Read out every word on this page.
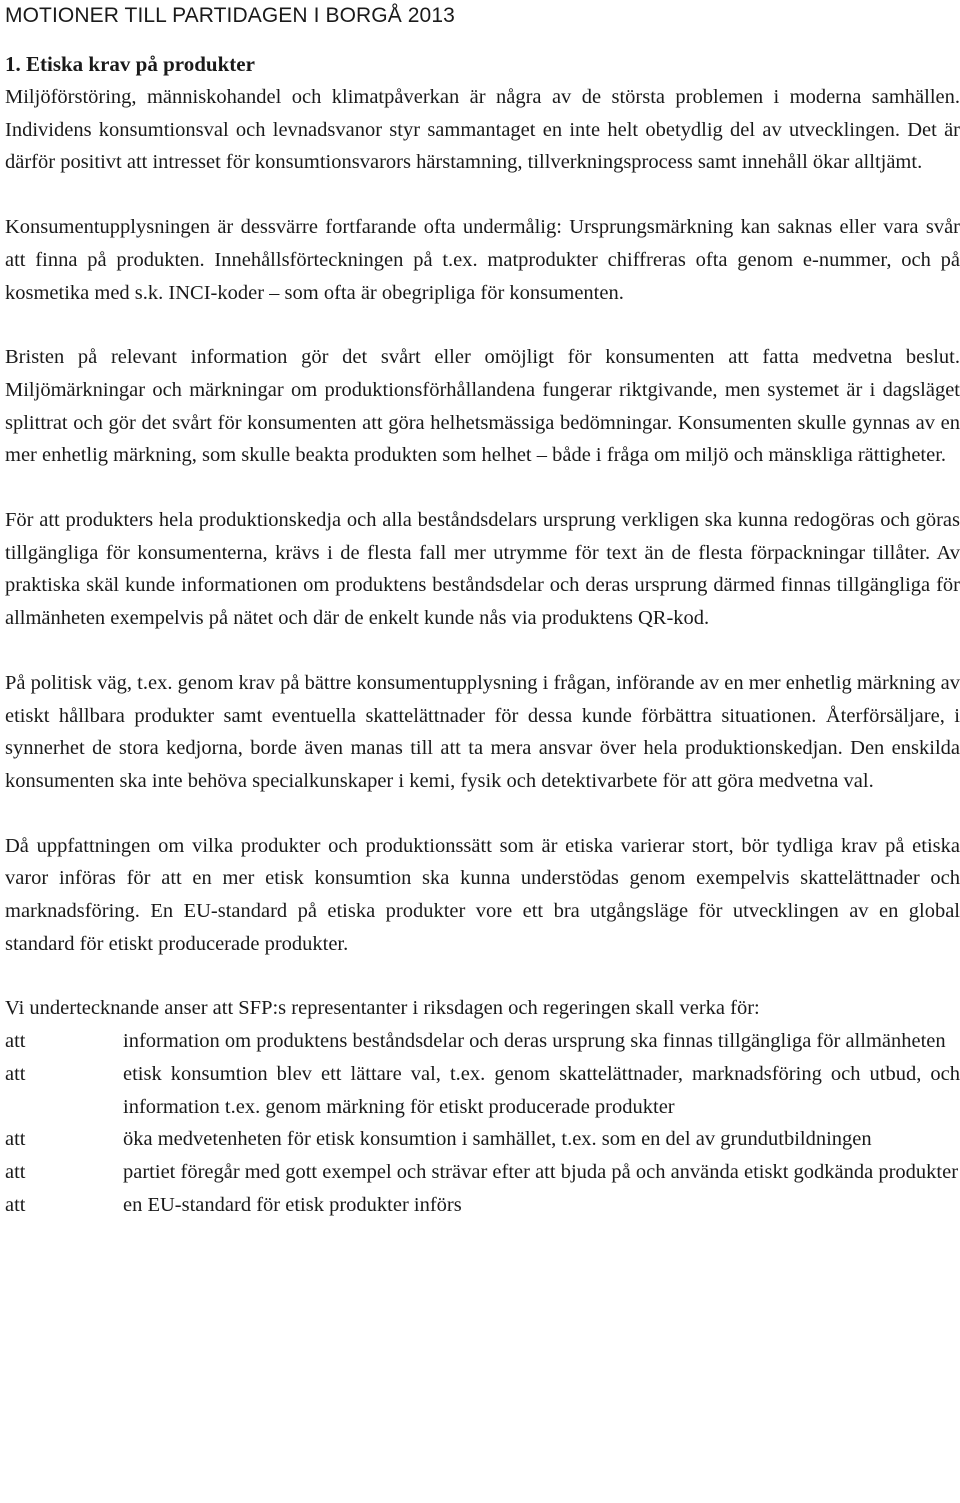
MOTIONER TILL PARTIDAGEN I BORGÅ 2013
1. Etiska krav på produkter

Miljöförstöring, människohandel och klimatpåverkan är några av de största problemen i moderna samhällen. Individens konsumtionsval och levnadsvanor styr sammantaget en inte helt obetydlig del av utvecklingen. Det är därför positivt att intresset för konsumtionsvarors härstamning, tillverkningsprocess samt innehåll ökar alltjämt.

Konsumentupplysningen är dessvärre fortfarande ofta undermålig: Ursprungsmärkning kan saknas eller vara svår att finna på produkten. Innehållsförteckningen på t.ex. matprodukter chiffreras ofta genom e-nummer, och på kosmetika med s.k. INCI-koder – som ofta är obegripliga för konsumenten.

Bristen på relevant information gör det svårt eller omöjligt för konsumenten att fatta medvetna beslut. Miljömärkningar och märkningar om produktionsförhållandena fungerar riktgivande, men systemet är i dagsläget splittrat och gör det svårt för konsumenten att göra helhetsmässiga bedömningar. Konsumenten skulle gynnas av en mer enhetlig märkning, som skulle beakta produkten som helhet – både i fråga om miljö och mänskliga rättigheter.

För att produkters hela produktionskedja och alla beståndsdelars ursprung verkligen ska kunna redogöras och göras tillgängliga för konsumenterna, krävs i de flesta fall mer utrymme för text än de flesta förpackningar tillåter. Av praktiska skäl kunde informationen om produktens beståndsdelar och deras ursprung därmed finnas tillgängliga för allmänheten exempelvis på nätet och där de enkelt kunde nås via produktens QR-kod.

På politisk väg, t.ex. genom krav på bättre konsumentupplysning i frågan, införande av en mer enhetlig märkning av etiskt hållbara produkter samt eventuella skattelättnader för dessa kunde förbättra situationen. Återförsäljare, i synnerhet de stora kedjorna, borde även manas till att ta mera ansvar över hela produktionskedjan. Den enskilda konsumenten ska inte behöva specialkunskaper i kemi, fysik och detektivarbete för att göra medvetna val.

Då uppfattningen om vilka produkter och produktionssätt som är etiska varierar stort, bör tydliga krav på etiska varor införas för att en mer etisk konsumtion ska kunna understödas genom exempelvis skattelättnader och marknadsföring. En EU-standard på etiska produkter vore ett bra utgångsläge för utvecklingen av en global standard för etiskt producerade produkter.

Vi undertecknande anser att SFP:s representanter i riksdagen och regeringen skall verka för:

att	information om produktens beståndsdelar och deras ursprung ska finnas tillgängliga för allmänheten
att	etisk konsumtion blev ett lättare val, t.ex. genom skattelättnader, marknadsföring och utbud, och information t.ex. genom märkning för etiskt producerade produkter
att	öka medvetenheten för etisk konsumtion i samhället, t.ex. som en del av grundutbildningen
att	partiet föregår med gott exempel och strävar efter att bjuda på och använda etiskt godkända produkter
att	en EU-standard för etisk produkter införs
